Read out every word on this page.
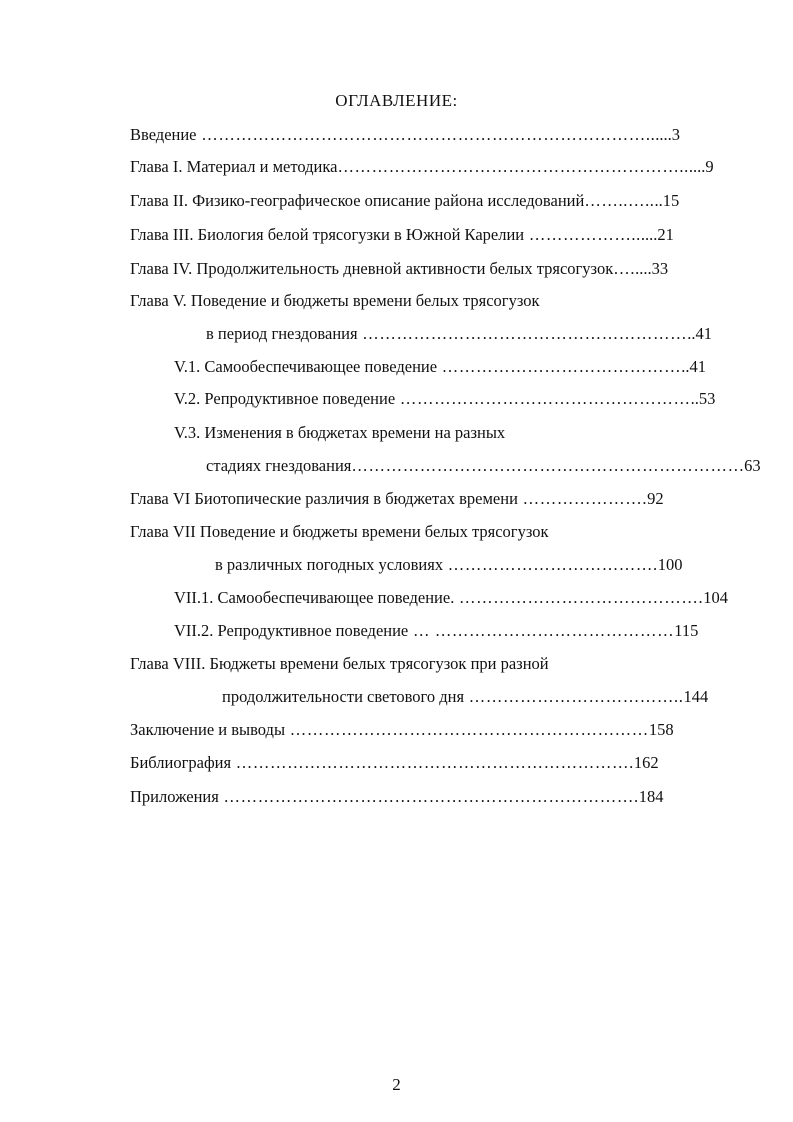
ОГЛАВЛЕНИЕ:
Введение ……………………………………………………………………......3
Глава I. Материал и методика……………………………………………………......9
Глава II. Физико-географическое описание района исследований……..…....15
Глава III. Биология белой трясогузки в Южной Карелии ………………......21
Глава IV. Продолжительность дневной активности белых трясогузок….....33
Глава V. Поведение и бюджеты времени белых трясогузок
в период гнездования …………………………………………………..41
V.1. Самообеспечивающее поведение ……………………………………..41
V.2. Репродуктивное поведение ……………………………………………..53
V.3. Изменения в бюджетах времени на разных
стадиях гнездования……………………………………………………………63
Глава VI Биотопические различия в бюджетах времени ………………….92
Глава VII Поведение и бюджеты времени белых трясогузок
в различных погодных условиях ……………………………….100
VII.1. Самообеспечивающее поведение. …………………………………….104
VII.2. Репродуктивное поведение … ……………………………………115
Глава VIII. Бюджеты времени белых трясогузок при разной
продолжительности светового дня ………………………………..144
Заключение и выводы ………………………………………………………158
Библиография …………………………………………………………….162
Приложения ……………………………………………………………….184
2
